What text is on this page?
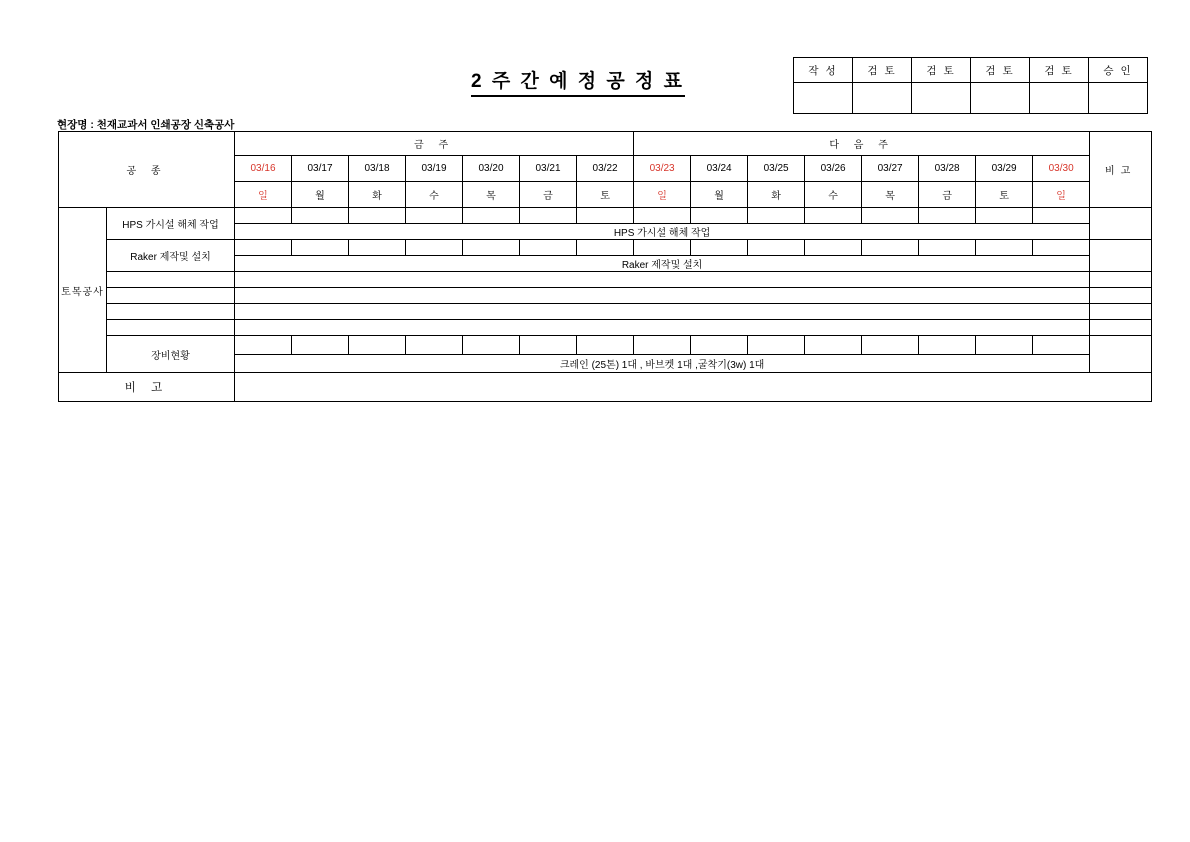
작 성	검 토	검 토	검 토	검 토	승 인

2 주 간 예 정 공 정 표
현장명 : 천재교과서 인쇄공장 신축공사
공 종		금 주							다 음 주								비고
		03/16	03/17	03/18	03/19	03/20	03/21	03/22	03/23	03/24	03/25	03/26	03/27	03/28	03/29	03/30	
		일	월	화	수	목	금	토	일	월	화	수	목	금	토	일	
토목공사	HPS 가시설 해체 작업																
		HPS 가시설 해체 작업															
	Raker 제작및 설치																
		Raker 제작및 설치															

	장비현황																
		크레인 (25톤) 1대 , 바브켓 1대 ,굴착기(3w) 1대															
비 고																	
